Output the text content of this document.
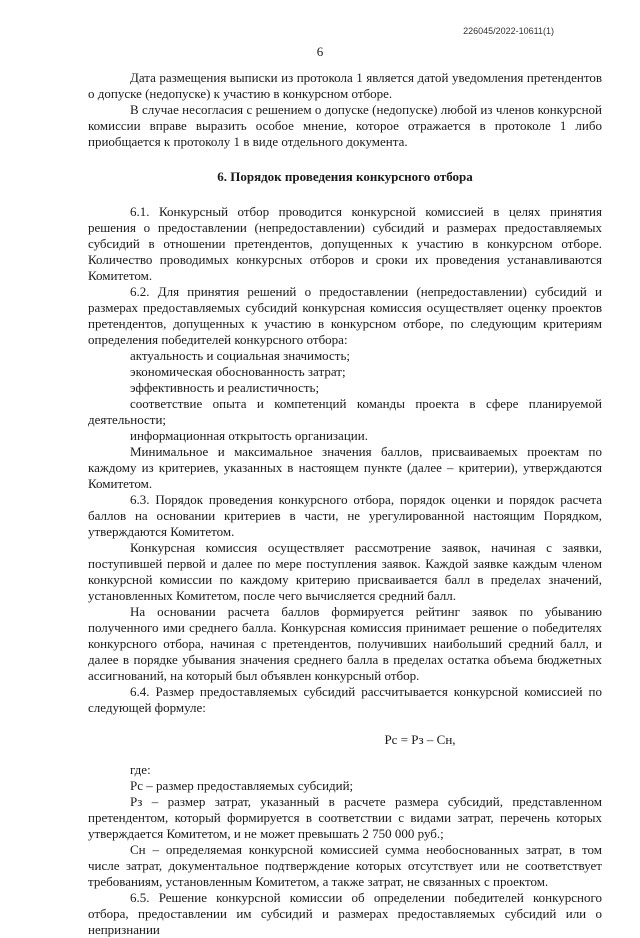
226045/2022-10611(1)
6

Дата размещения выписки из протокола 1 является датой уведомления претендентов о допуске (недопуске) к участию в конкурсном отборе.

В случае несогласия с решением о допуске (недопуске) любой из членов конкурсной комиссии вправе выразить особое мнение, которое отражается в протоколе 1 либо приобщается к протоколу 1 в виде отдельного документа.

6. Порядок проведения конкурсного отбора

6.1. Конкурсный отбор проводится конкурсной комиссией в целях принятия решения о предоставлении (непредоставлении) субсидий и размерах предоставляемых субсидий в отношении претендентов, допущенных к участию в конкурсном отборе. Количество проводимых конкурсных отборов и сроки их проведения устанавливаются Комитетом.

6.2. Для принятия решений о предоставлении (непредоставлении) субсидий и размерах предоставляемых субсидий конкурсная комиссия осуществляет оценку проектов претендентов, допущенных к участию в конкурсном отборе, по следующим критериям определения победителей конкурсного отбора:

актуальность и социальная значимость;

экономическая обоснованность затрат;

эффективность и реалистичность;

соответствие опыта и компетенций команды проекта в сфере планируемой деятельности;

информационная открытость организации.

Минимальное и максимальное значения баллов, присваиваемых проектам по каждому из критериев, указанных в настоящем пункте (далее – критерии), утверждаются Комитетом.

6.3. Порядок проведения конкурсного отбора, порядок оценки и порядок расчета баллов на основании критериев в части, не урегулированной настоящим Порядком, утверждаются Комитетом.

Конкурсная комиссия осуществляет рассмотрение заявок, начиная с заявки, поступившей первой и далее по мере поступления заявок. Каждой заявке каждым членом конкурсной комиссии по каждому критерию присваивается балл в пределах значений, установленных Комитетом, после чего вычисляется средний балл.

На основании расчета баллов формируется рейтинг заявок по убыванию полученного ими среднего балла. Конкурсная комиссия принимает решение о победителях конкурсного отбора, начиная с претендентов, получивших наибольший средний балл, и далее в порядке убывания значения среднего балла в пределах остатка объема бюджетных ассигнований, на который был объявлен конкурсный отбор.

6.4. Размер предоставляемых субсидий рассчитывается конкурсной комиссией по следующей формуле:

Рс = Рз – Сн,

где:

Рс – размер предоставляемых субсидий;

Рз – размер затрат, указанный в расчете размера субсидий, представленном претендентом, который формируется в соответствии с видами затрат, перечень которых утверждается Комитетом, и не может превышать 2 750 000 руб.;

Сн – определяемая конкурсной комиссией сумма необоснованных затрат, в том числе затрат, документальное подтверждение которых отсутствует или не соответствует требованиям, установленным Комитетом, а также затрат, не связанных с проектом.

6.5. Решение конкурсной комиссии об определении победителей конкурсного отбора, предоставлении им субсидий и размерах предоставляемых субсидий или о непризнании
